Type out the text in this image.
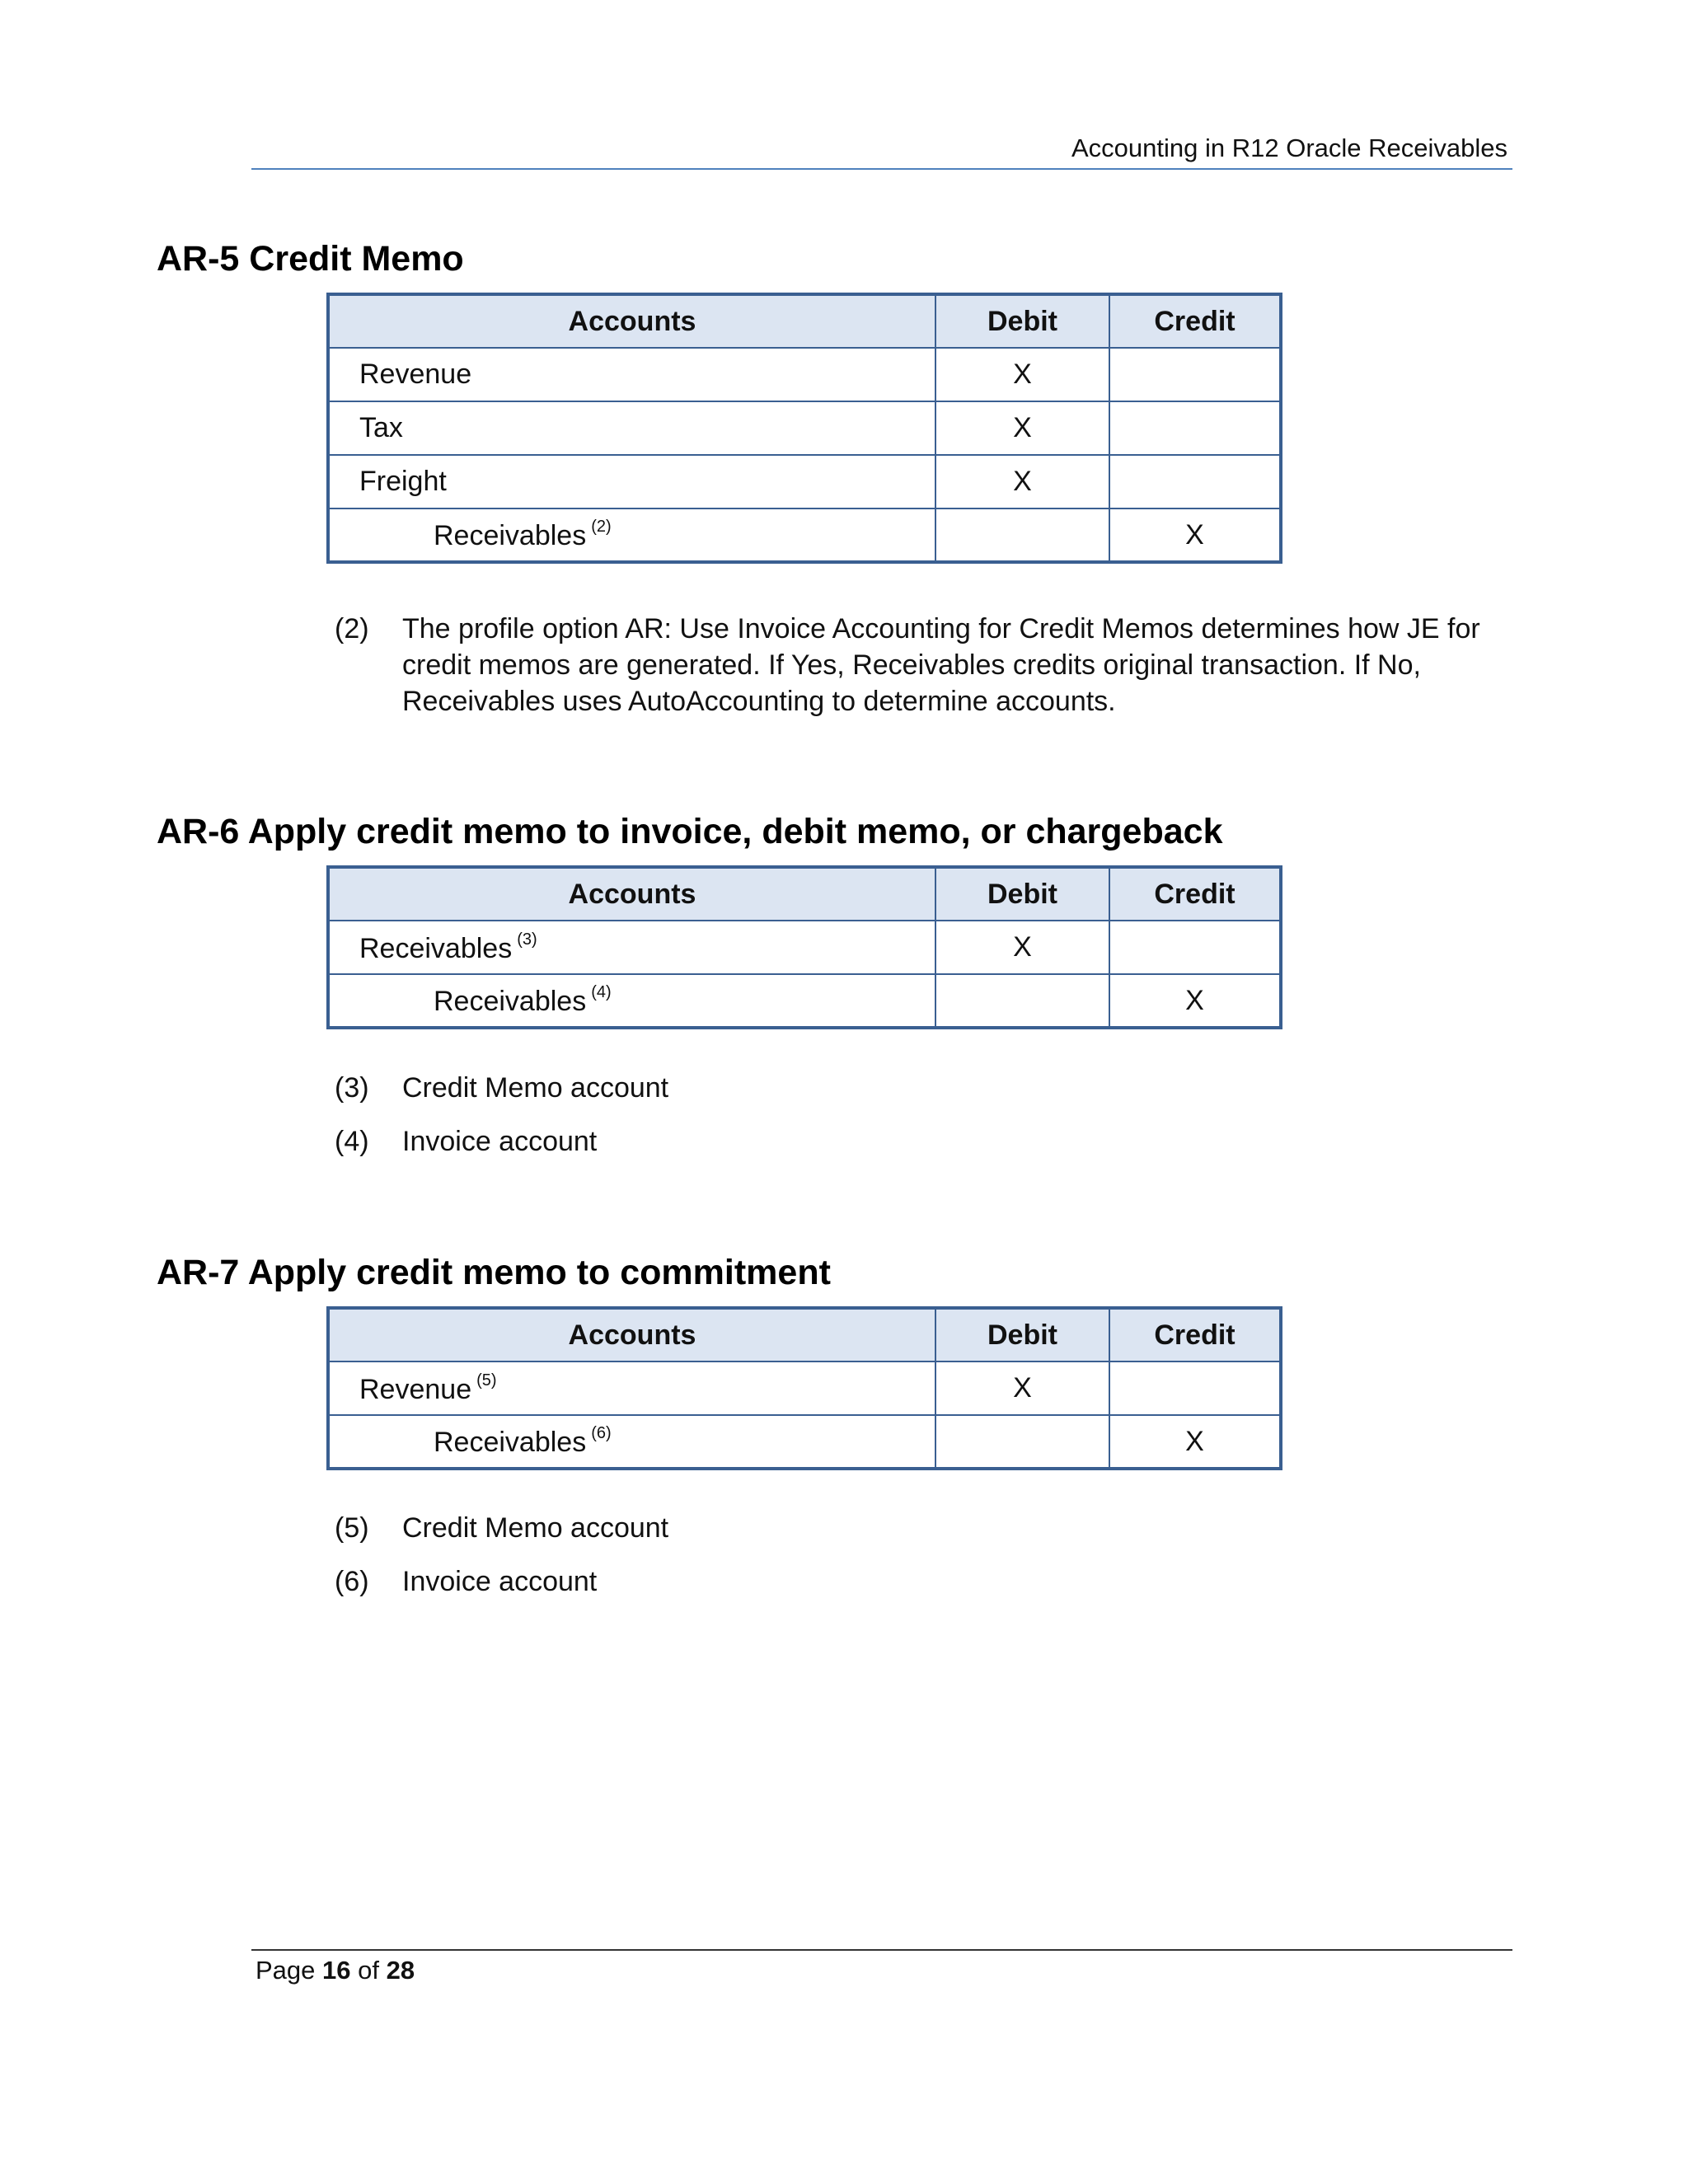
Accounting in R12 Oracle Receivables
AR-5 Credit Memo
Accounts	Debit	Credit
Revenue	X	
Tax	X	
Freight	X	
Receivables $^{(2)}$		X
(2) The profile option AR: Use Invoice Accounting for Credit Memos determines how JE for credit memos are generated. If Yes, Receivables credits original transaction. If No, Receivables uses AutoAccounting to determine accounts.
AR-6 Apply credit memo to invoice, debit memo, or chargeback
Accounts	Debit	Credit
Receivables $^{(3)}$	X	
Receivables $^{(4)}$		X
(3) Credit Memo account
(4) Invoice account
AR-7 Apply credit memo to commitment
Accounts	Debit	Credit
Revenue $^{(5)}$	X	
Receivables $^{(6)}$		X
(5) Credit Memo account
(6) Invoice account
Page 16 of 28
